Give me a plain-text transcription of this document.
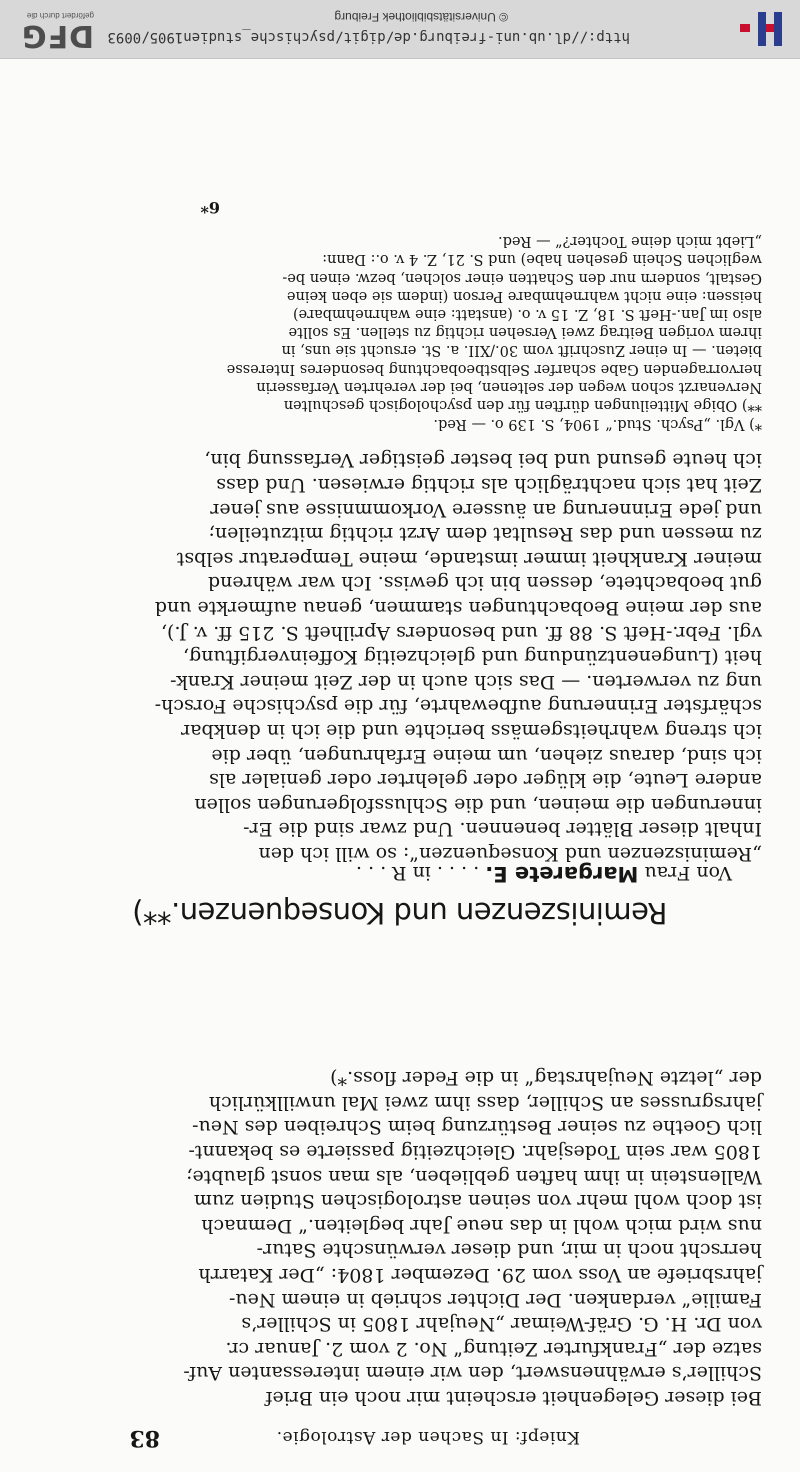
Kniepf: In Sachen der Astrologie.
83
Bei dieser Gelegenheit erscheint mir noch ein Brief
Schiller’s erwähnenswert, den wir einem interessanten Auf-
satze der „Frankfurter Zeitung“ No. 2 vom 2. Januar cr.
von Dr. H. G. Gräf-Weimar „Neujahr 1805 in Schiller’s
Familie“ verdanken. Der Dichter schrieb in einem Neu-
jahrsbriefe an Voss vom 29. Dezember 1804: „Der Katarrh
herrscht noch in mir, und dieser verwünschte Satur-
nus wird mich wohl in das neue Jahr begleiten.“ Demnach
ist doch wohl mehr von seinen astrologischen Studien zum
Wallenstein in ihm haften geblieben, als man sonst glaubte;
1805 war sein Todesjahr. Gleichzeitig passierte es bekannt-
lich Goethe zu seiner Bestürzung beim Schreiben des Neu-
jahrsgrusses an Schiller, dass ihm zwei Mal unwillkürlich
der „letzte Neujahrstag“ in die Feder floss.*)
Reminiszenzen und Konsequenzen.**)
Von Frau Margarete E. . . . . in R . . .
„Reminiszenzen und Konsequenzen“: so will ich den
Inhalt dieser Blätter benennen. Und zwar sind die Er-
innerungen die meinen, und die Schlussfolgerungen sollen
andere Leute, die klüger oder gelehrter oder genialer als
ich sind, daraus ziehen, um meine Erfahrungen, über die
ich streng wahrheitsgemäss berichte und die ich in denkbar
schärfster Erinnerung aufbewahrte, für die psychische Forsch-
ung zu verwerten. — Das sich auch in der Zeit meiner Krank-
heit (Lungenentzündung und gleichzeitig Koffeinvergiftung,
vgl. Febr.-Heft S. 88 ff. und besonders Aprilheft S. 215 ff. v. J.),
aus der meine Beobachtungen stammen, genau aufmerkte und
gut beobachtete, dessen bin ich gewiss. Ich war während
meiner Krankheit immer imstande, meine Temperatur selbst
zu messen und das Resultat dem Arzt richtig mitzuteilen;
und jede Erinnerung an äussere Vorkommnisse aus jener
Zeit hat sich nachträglich als richtig erwiesen. Und dass
ich heute gesund und bei bester geistiger Verfassung bin,
*) Vgl. „Psych. Stud.“ 1904, S. 139 o. — Red.
**) Obige Mitteilungen dürften für den psychologisch geschulten
Nervenarzt schon wegen der seltenen, bei der verehrten Verfasserin
hervorragenden Gabe scharfer Selbstbeobachtung besonderes Interesse
bieten. — In einer Zuschrift vom 30./XII. a. St. ersucht sie uns, in
ihrem vorigen Beitrag zwei Versehen richtig zu stellen. Es sollte
also im Jan.-Heft S. 18, Z. 15 v. o. (anstatt: eine wahrnehmbare)
heissen: eine nicht wahrnehmbare Person (indem sie eben keine
Gestalt, sondern nur den Schatten einer solchen, bezw. einen be-
weglichen Schein gesehen habe) und S. 21, Z. 4 v. o.: Dann:
„Liebt mich deine Tochter?“ — Red.
6*
http://dl.ub.uni-freiburg.de/digit/psychische_studien1905/0093
© Universitätsbibliothek Freiburg
DFG
gefördert durch die
